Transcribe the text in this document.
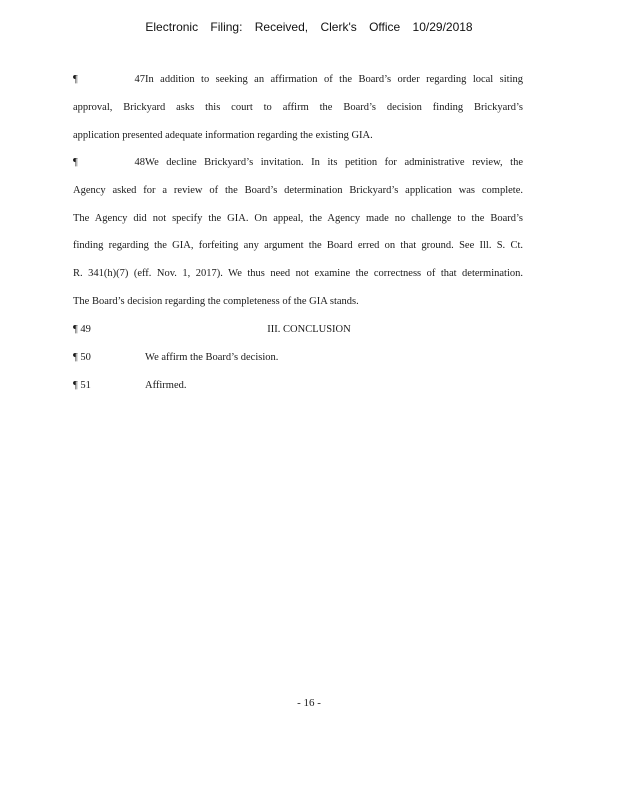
Electronic Filing: Received, Clerk's Office 10/29/2018
¶ 47In addition to seeking an affirmation of the Board’s order regarding local siting
approval, Brickyard asks this court to affirm the Board’s decision finding Brickyard’s
application presented adequate information regarding the existing GIA.
¶ 48We decline Brickyard’s invitation. In its petition for administrative review, the
Agency asked for a review of the Board’s determination Brickyard’s application was complete.
The Agency did not specify the GIA. On appeal, the Agency made no challenge to the Board’s
finding regarding the GIA, forfeiting any argument the Board erred on that ground. See Ill. S. Ct.
R. 341(h)(7) (eff. Nov. 1, 2017). We thus need not examine the correctness of that determination.
The Board’s decision regarding the completeness of the GIA stands.
¶ 49	III. CONCLUSION
¶ 50	We affirm the Board’s decision.
¶ 51	Affirmed.
- 16 -
